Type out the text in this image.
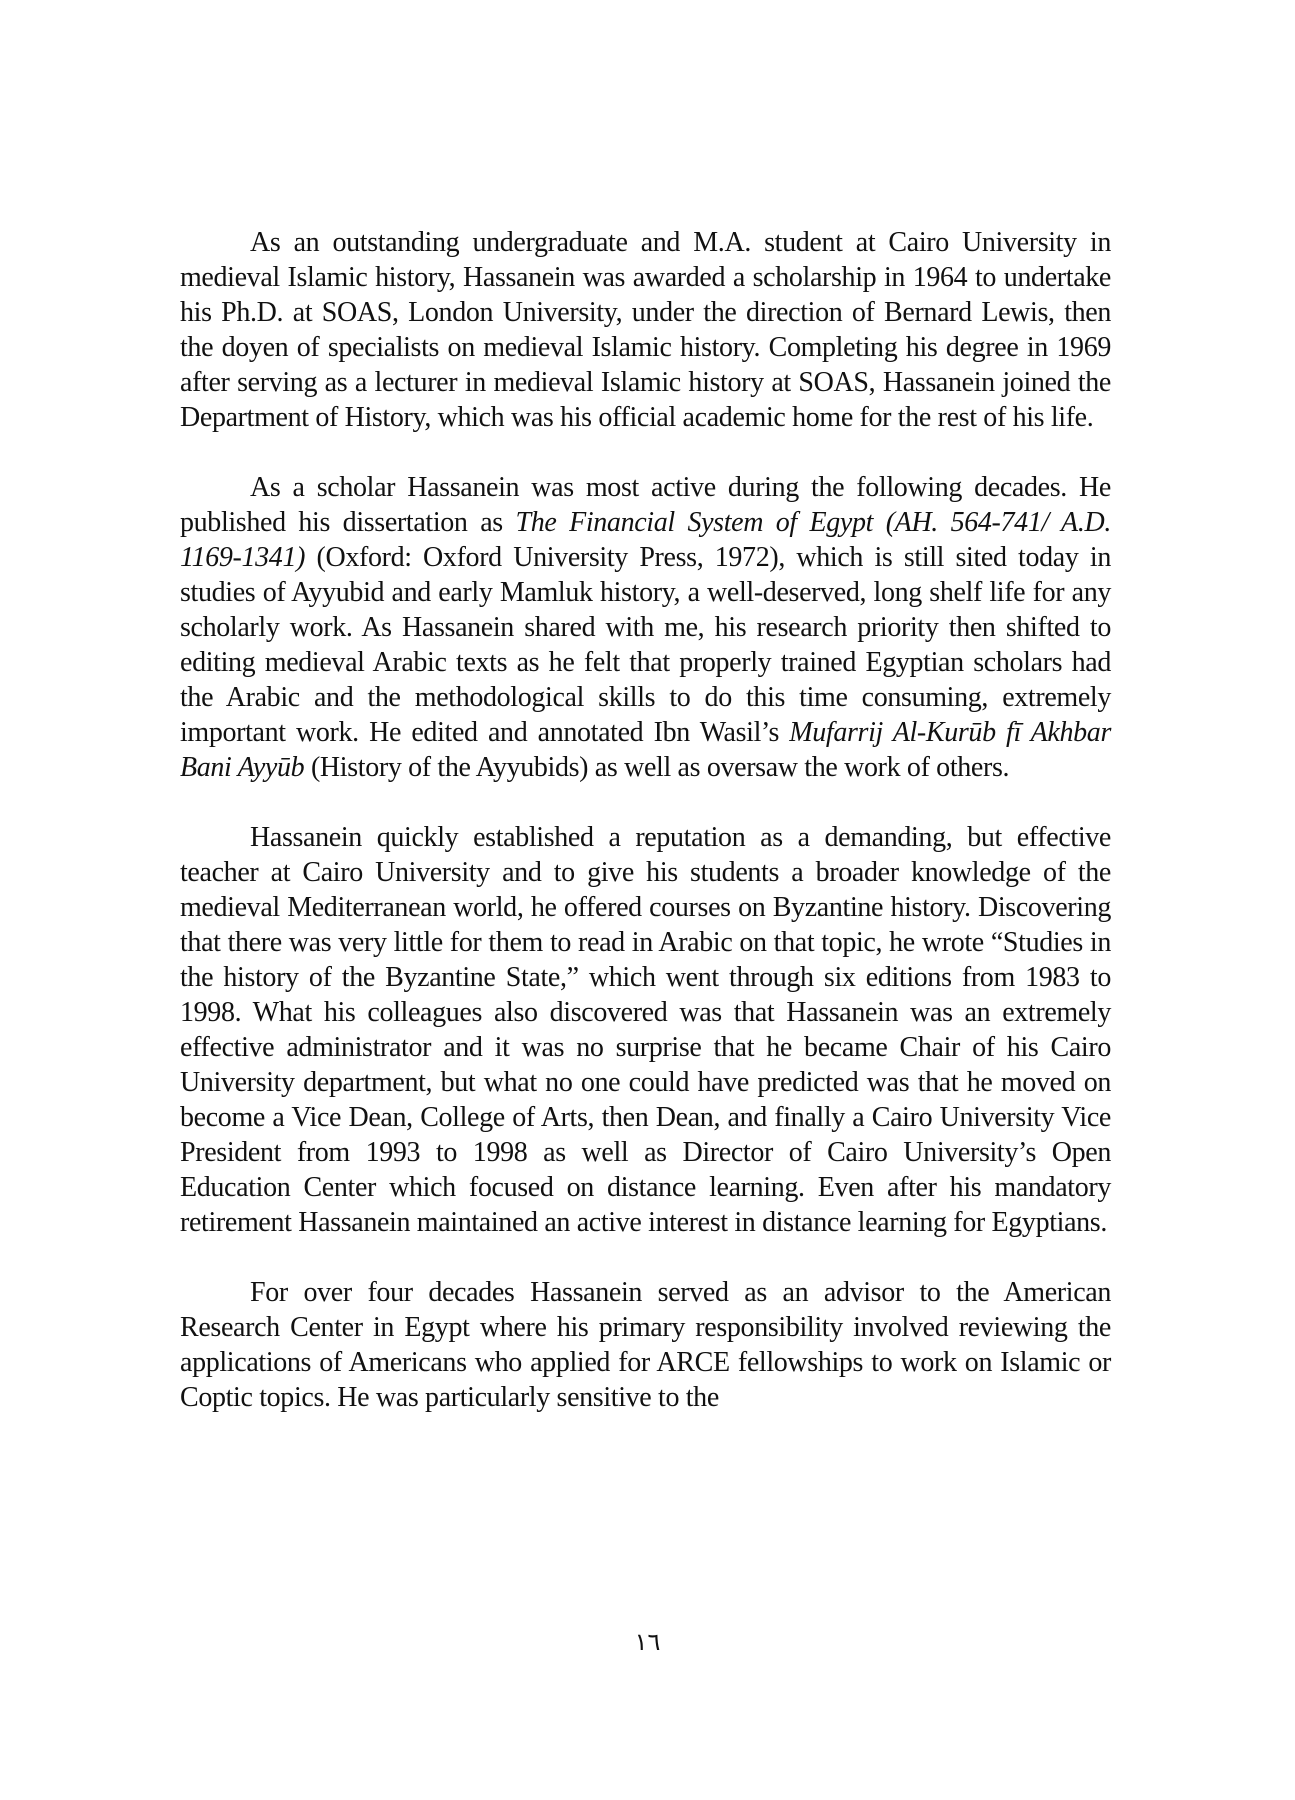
As an outstanding undergraduate and M.A. student at Cairo University in medieval Islamic history, Hassanein was awarded a scholarship in 1964 to undertake his Ph.D. at SOAS, London University, under the direction of Bernard Lewis, then the doyen of specialists on medieval Islamic history. Completing his degree in 1969 after serving as a lecturer in medieval Islamic history at SOAS, Hassanein joined the Department of History, which was his official academic home for the rest of his life.

As a scholar Hassanein was most active during the following decades. He published his dissertation as The Financial System of Egypt (AH. 564-741/ A.D. 1169-1341) (Oxford: Oxford University Press, 1972), which is still sited today in studies of Ayyubid and early Mamluk history, a well-deserved, long shelf life for any scholarly work. As Hassanein shared with me, his research priority then shifted to editing medieval Arabic texts as he felt that properly trained Egyptian scholars had the Arabic and the methodological skills to do this time consuming, extremely important work. He edited and annotated Ibn Wasil’s Mufarrij Al-Kurūb fī Akhbar Bani Ayyūb (History of the Ayyubids) as well as oversaw the work of others.

Hassanein quickly established a reputation as a demanding, but effective teacher at Cairo University and to give his students a broader knowledge of the medieval Mediterranean world, he offered courses on Byzantine history. Discovering that there was very little for them to read in Arabic on that topic, he wrote “Studies in the history of the Byzantine State,” which went through six editions from 1983 to 1998. What his colleagues also discovered was that Hassanein was an extremely effective administrator and it was no surprise that he became Chair of his Cairo University department, but what no one could have predicted was that he moved on become a Vice Dean, College of Arts, then Dean, and finally a Cairo University Vice President from 1993 to 1998 as well as Director of Cairo University’s Open Education Center which focused on distance learning. Even after his mandatory retirement Hassanein maintained an active interest in distance learning for Egyptians.

For over four decades Hassanein served as an advisor to the American Research Center in Egypt where his primary responsibility involved reviewing the applications of Americans who applied for ARCE fellowships to work on Islamic or Coptic topics. He was particularly sensitive to the

١٦
